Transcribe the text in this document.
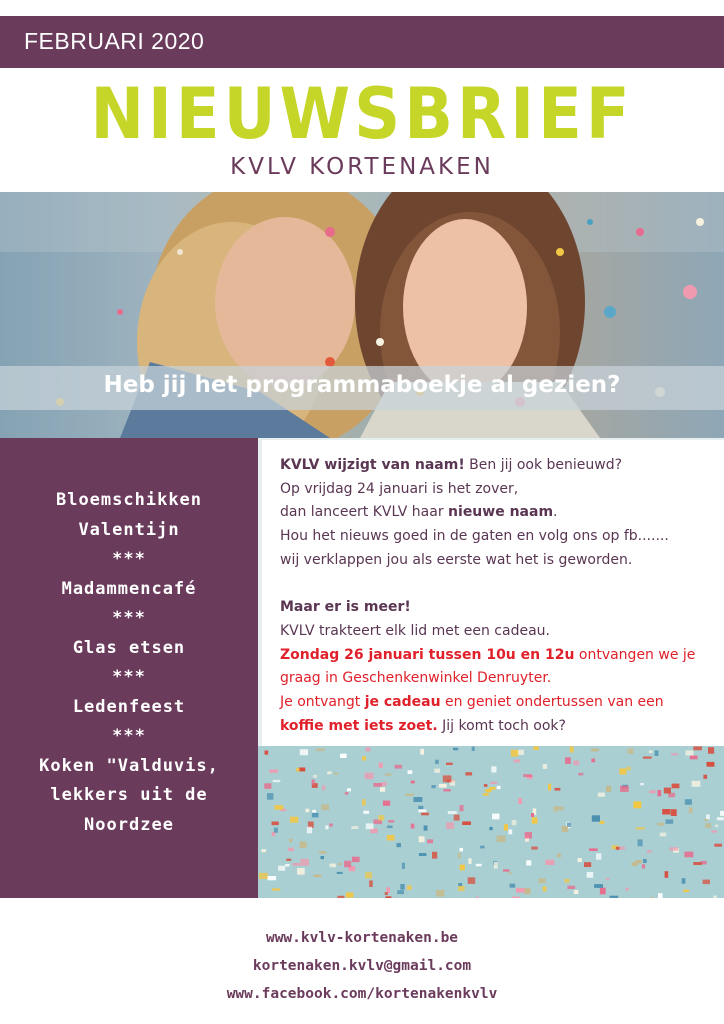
FEBRUARI 2020
NIEUWSBRIEF
KVLV KORTENAKEN
Heb jij het programmaboekje al gezien?
Bloemschikken
Valentijn
***
Madammencafé
***
Glas etsen
***
Ledenfeest
***
Koken "Valduvis,
lekkers uit de
Noordzee

KVLV wijzigt van naam! Ben jij ook benieuwd?

Op vrijdag 24 januari is het zover,

dan lanceert KVLV haar nieuwe naam.

Hou het nieuws goed in de gaten en volg ons op fb.......

wij verklappen jou als eerste wat het is geworden.

Maar er is meer!

KVLV trakteert elk lid met een cadeau.

Zondag 26 januari tussen 10u en 12u ontvangen we je

graag in Geschenkenwinkel Denruyter.

Je ontvangt je cadeau en geniet ondertussen van een

koffie met iets zoet. Jij komt toch ook?

www.kvlv-kortenaken.be
kortenaken.kvlv@gmail.com
www.facebook.com/kortenakenkvlv
